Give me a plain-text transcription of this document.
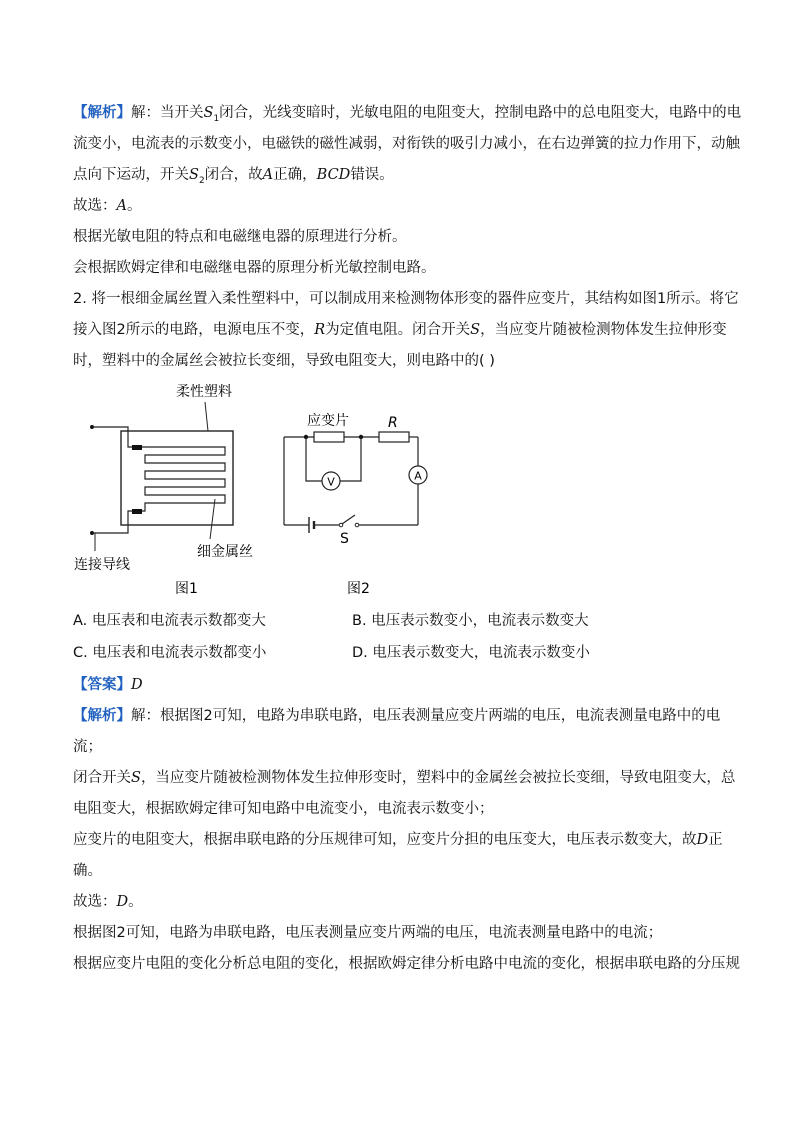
【解析】解：当开关$S_1$闭合，光线变暗时，光敏电阻的电阻变大，控制电路中的总电阻变大，电路中的电
流变小，电流表的示数变小，电磁铁的磁性减弱，对衔铁的吸引力减小，在右边弹簧的拉力作用下，动触
点向下运动，开关$S_2$闭合，故A正确，BCD错误。
故选：A。
根据光敏电阻的特点和电磁继电器的原理进行分析。
会根据欧姆定律和电磁继电器的原理分析光敏控制电路。
2. 将一根细金属丝置入柔性塑料中，可以制成用来检测物体形变的器件应变片，其结构如图1所示。将它
接入图2所示的电路，电源电压不变，R为定值电阻。闭合开关S，当应变片随被检测物体发生拉伸形变
时，塑料中的金属丝会被拉长变细，导致电阻变大，则电路中的( )
柔性塑料
细金属丝
连接导线
图1
V	A
应变片	R
S
图2
A. 电压表和电流表示数都变大	B. 电压表示数变小，电流表示数变大
C. 电压表和电流表示数都变小	D. 电压表示数变大，电流表示数变小
【答案】D
【解析】解：根据图2可知，电路为串联电路，电压表测量应变片两端的电压，电流表测量电路中的电
流；
闭合开关S，当应变片随被检测物体发生拉伸形变时，塑料中的金属丝会被拉长变细，导致电阻变大，总
电阻变大，根据欧姆定律可知电路中电流变小，电流表示数变小；
应变片的电阻变大，根据串联电路的分压规律可知，应变片分担的电压变大，电压表示数变大，故D正
确。
故选：D。
根据图2可知，电路为串联电路，电压表测量应变片两端的电压，电流表测量电路中的电流；
根据应变片电阻的变化分析总电阻的变化，根据欧姆定律分析电路中电流的变化，根据串联电路的分压规
